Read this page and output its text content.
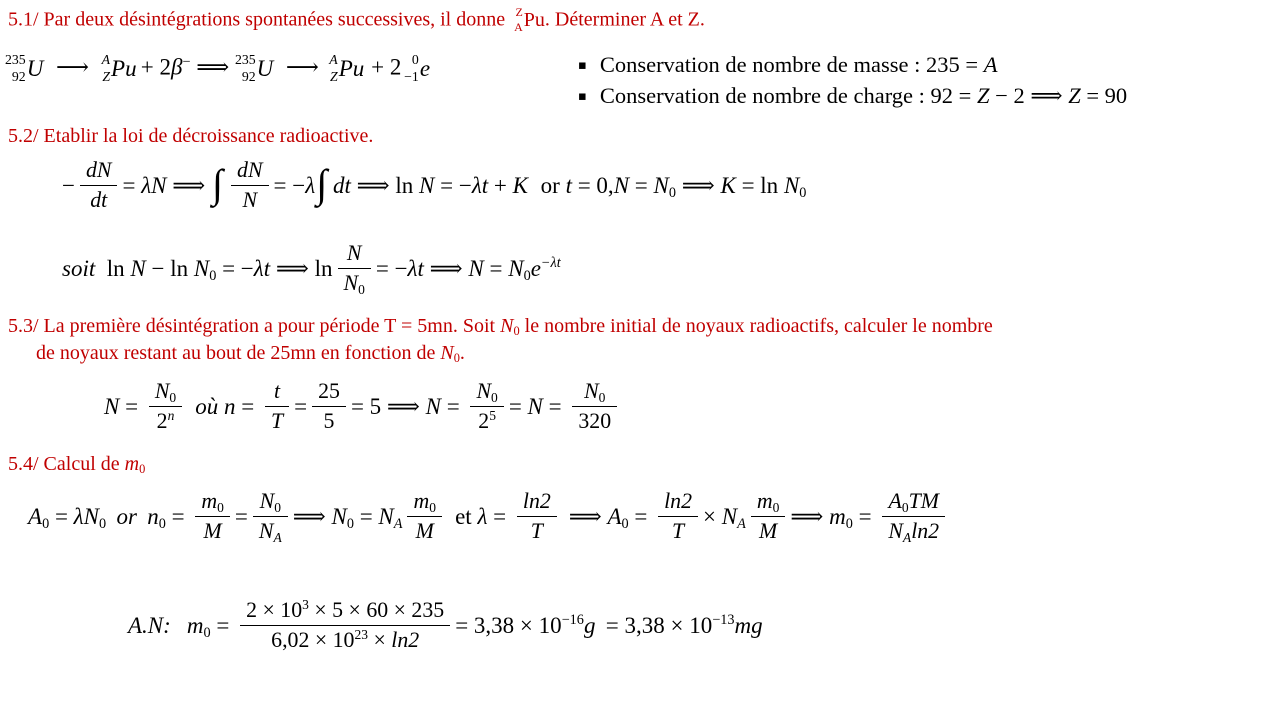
5.1/ Par deux désintégrations spontanées successives, il donne Z
A Pu . Déterminer A et Z.
235
92 U ⟶ A
Z Pu + 2β− ⟹ 235
92 U ⟶ A
Z Pu + 2 0
−1 e	▪ Conservation de nombre de masse : 235 = A
▪ Conservation de nombre de charge : 92 = Z − 2 ⟹ Z = 90
5.2/ Etablir la loi de décroissance radioactive.
− $\frac{dN}{dt} = \lambda N$ ⟹ ∫ $\frac{dN}{N} = -\lambda\int$ dt ⟹ ln N = −λt + K or t = 0,N = N0 ⟹ K = ln N0
soit ln N − ln N0 = −λt ⟹ $\ln \frac{N}{N0} = -\lambda t$ ⟹ N = N0e−λt
5.3/ La première désintégration a pour période T = 5mn. Soit N0 le nombre initial de noyaux radioactifs, calculer le nombre
de noyaux restant au bout de 25mn en fonction de N0.
$N = \frac{N0}{2n}$ où $n = \frac{t}{T} = \frac{25}{5} = 5$ ⟹ $N = \frac{N0}{25} = N = \frac{N0}{320}$
5.4/ Calcul de m0
A0 = λN0 or $n0 = \frac{m0}{M} = \frac{N0}{NA}$ ⟹ N0 = NA $\frac{m0}{M}$ et $\lambda = \frac{\ln 2}{T}$ ⟹ $A0 = \frac{\ln 2}{T}$ × NA $\frac{m0}{M}$ ⟹ $m0 = \frac{A0TM}{NAln2}$
A.N: $m0 = \frac{2 \times 103 \times 5 \times 60 \times 235}{6,02 \times 1023 \times \ln 2} = 3,38 \times 10-16g = 3,38 \times 10-13mg$
